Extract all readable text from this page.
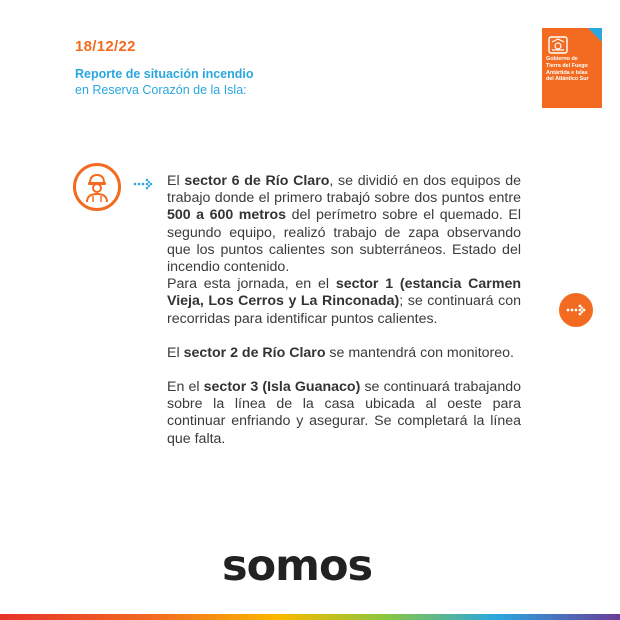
18/12/22
Reporte de situación incendio
en Reserva Corazón de la Isla:
Gobierno de
Tierra del Fuego
Antártida e Islas
del Atlántico Sur

El sector 6 de Río Claro, se dividió en dos equipos de trabajo donde el primero trabajó sobre dos puntos entre 500 a 600 metros del perímetro sobre el quemado. El segundo equipo, realizó trabajo de zapa observando que los puntos calientes son subterráneos. Estado del incendio contenido.

Para esta jornada, en el sector 1 (estancia Carmen Vieja, Los Cerros y La Rinconada); se continuará con recorridas para identificar puntos calientes.

El sector 2 de Río Claro se mantendrá con monitoreo.

En el sector 3 (Isla Guanaco) se continuará trabajando sobre la línea de la casa ubicada al oeste para continuar enfriando y asegurar. Se completará la línea que falta.

somos
